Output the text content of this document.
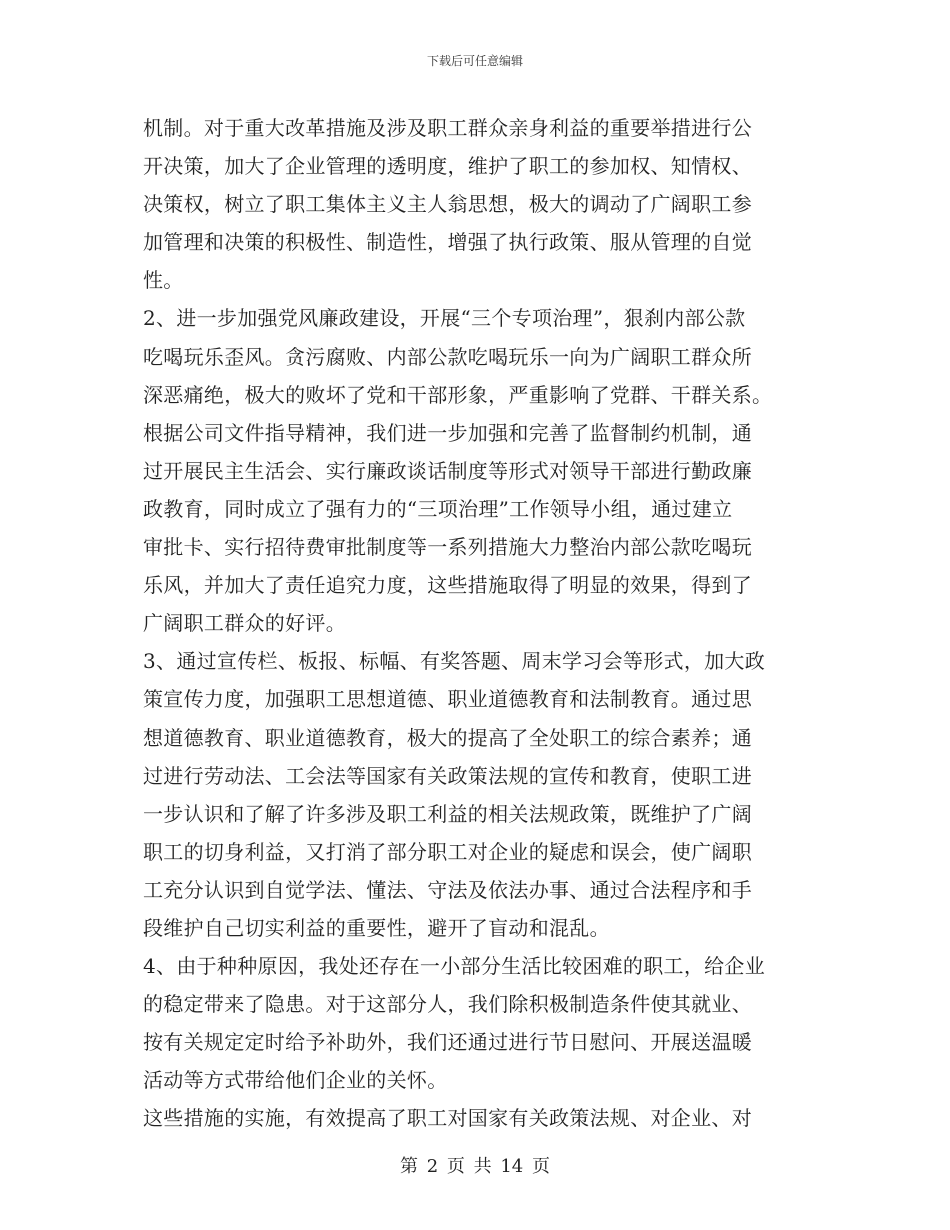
下载后可任意编辑
机制。对于重大改革措施及涉及职工群众亲身利益的重要举措进行公
开决策，加大了企业管理的透明度，维护了职工的参加权、知情权、
决策权，树立了职工集体主义主人翁思想，极大的调动了广阔职工参
加管理和决策的积极性、制造性，增强了执行政策、服从管理的自觉
性。
2、进一步加强党风廉政建设，开展“三个专项治理”，狠刹内部公款
吃喝玩乐歪风。贪污腐败、内部公款吃喝玩乐一向为广阔职工群众所
深恶痛绝，极大的败坏了党和干部形象，严重影响了党群、干群关系。
根据公司文件指导精神，我们进一步加强和完善了监督制约机制，通
过开展民主生活会、实行廉政谈话制度等形式对领导干部进行勤政廉
政教育，同时成立了强有力的“三项治理”工作领导小组，通过建立
审批卡、实行招待费审批制度等一系列措施大力整治内部公款吃喝玩
乐风，并加大了责任追究力度，这些措施取得了明显的效果，得到了
广阔职工群众的好评。
3、通过宣传栏、板报、标幅、有奖答题、周末学习会等形式，加大政
策宣传力度，加强职工思想道德、职业道德教育和法制教育。通过思
想道德教育、职业道德教育，极大的提高了全处职工的综合素养；通
过进行劳动法、工会法等国家有关政策法规的宣传和教育，使职工进
一步认识和了解了许多涉及职工利益的相关法规政策，既维护了广阔
职工的切身利益，又打消了部分职工对企业的疑虑和误会，使广阔职
工充分认识到自觉学法、懂法、守法及依法办事、通过合法程序和手
段维护自己切实利益的重要性，避开了盲动和混乱。
4、由于种种原因，我处还存在一小部分生活比较困难的职工，给企业
的稳定带来了隐患。对于这部分人，我们除积极制造条件使其就业、
按有关规定定时给予补助外，我们还通过进行节日慰问、开展送温暖
活动等方式带给他们企业的关怀。
这些措施的实施，有效提高了职工对国家有关政策法规、对企业、对
第 2 页 共 14 页
